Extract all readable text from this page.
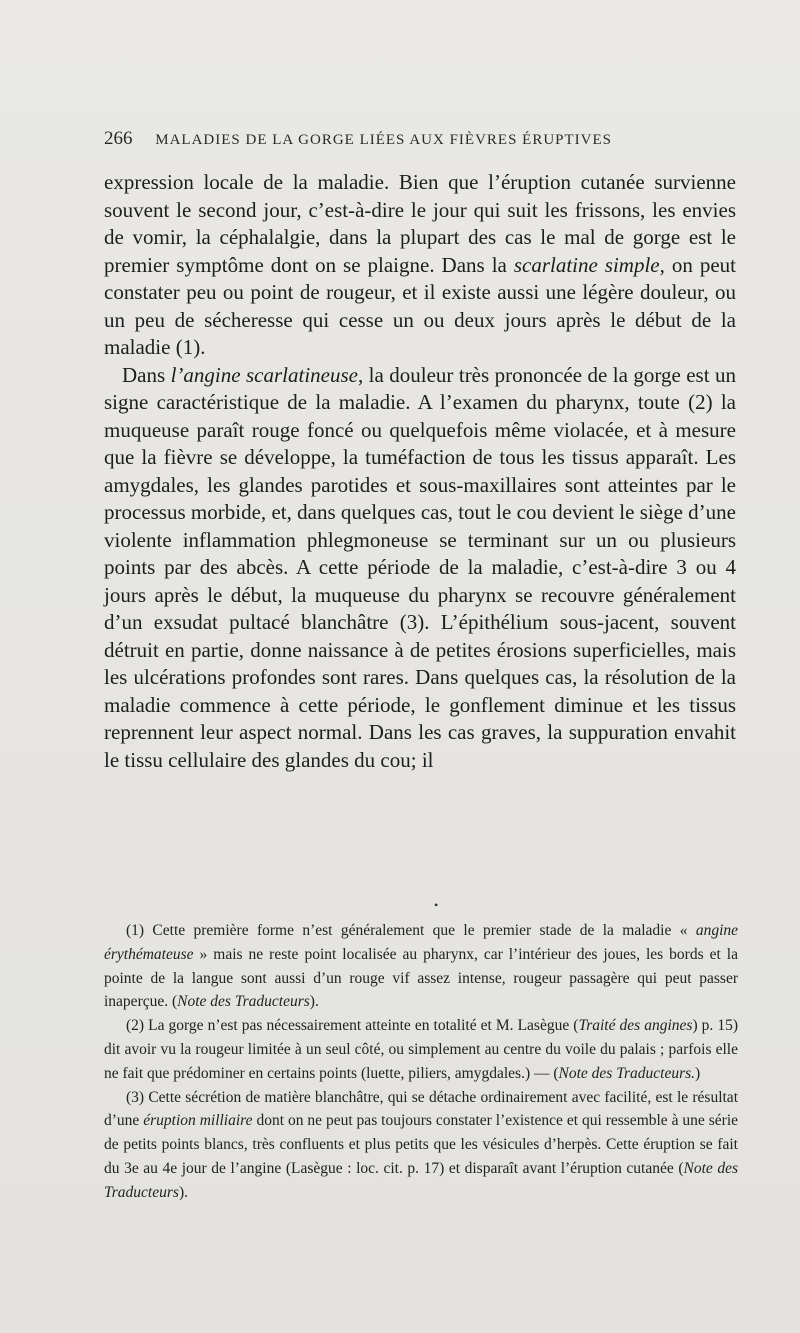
266 MALADIES DE LA GORGE LIÉES AUX FIÈVRES ÉRUPTIVES

expression locale de la maladie. Bien que l’éruption cutanée survienne souvent le second jour, c’est-à-dire le jour qui suit les frissons, les envies de vomir, la céphalalgie, dans la plupart des cas le mal de gorge est le premier symptôme dont on se plaigne. Dans la scarlatine simple, on peut constater peu ou point de rougeur, et il existe aussi une légère douleur, ou un peu de sécheresse qui cesse un ou deux jours après le début de la maladie (1).

Dans l’angine scarlatineuse, la douleur très prononcée de la gorge est un signe caractéristique de la maladie. A l’examen du pharynx, toute (2) la muqueuse paraît rouge foncé ou quelquefois même violacée, et à mesure que la fièvre se développe, la tuméfaction de tous les tissus apparaît. Les amygdales, les glandes parotides et sous-maxillaires sont atteintes par le processus morbide, et, dans quelques cas, tout le cou devient le siège d’une violente inflammation phlegmoneuse se terminant sur un ou plusieurs points par des abcès. A cette période de la maladie, c’est-à-dire 3 ou 4 jours après le début, la muqueuse du pharynx se recouvre généralement d’un exsudat pultacé blanchâtre (3). L’épithélium sous-jacent, souvent détruit en partie, donne naissance à de petites érosions superficielles, mais les ulcérations profondes sont rares. Dans quelques cas, la résolution de la maladie commence à cette période, le gonflement diminue et les tissus reprennent leur aspect normal. Dans les cas graves, la suppuration envahit le tissu cellulaire des glandes du cou; il

•

(1) Cette première forme n’est généralement que le premier stade de la maladie « angine érythémateuse » mais ne reste point localisée au pharynx, car l’intérieur des joues, les bords et la pointe de la langue sont aussi d’un rouge vif assez intense, rougeur passagère qui peut passer inaperçue. (Note des Traducteurs).

(2) La gorge n’est pas nécessairement atteinte en totalité et M. Lasègue (Traité des angines) p. 15) dit avoir vu la rougeur limitée à un seul côté, ou simplement au centre du voile du palais ; parfois elle ne fait que prédominer en certains points (luette, piliers, amygdales.) — (Note des Traducteurs.)

(3) Cette sécrétion de matière blanchâtre, qui se détache ordinairement avec facilité, est le résultat d’une éruption milliaire dont on ne peut pas toujours constater l’existence et qui ressemble à une série de petits points blancs, très confluents et plus petits que les vésicules d’herpès. Cette éruption se fait du 3e au 4e jour de l’angine (Lasègue : loc. cit. p. 17) et disparaît avant l’éruption cutanée (Note des Traducteurs).
